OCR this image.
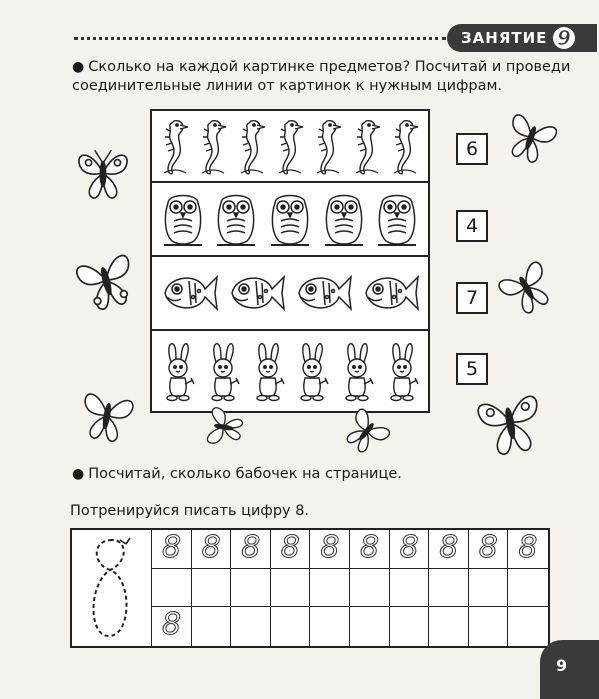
ЗАНЯТИЕ 9
● Сколько на каждой картинке предметов? Посчитай и проведи соединительные линии от картинок к нужным цифрам.
6
4
7
5
● Посчитай, сколько бабочек на странице.
Потренируйся писать цифру 8.
8 8 8 8 8 8 8 8 8 8
8
9
